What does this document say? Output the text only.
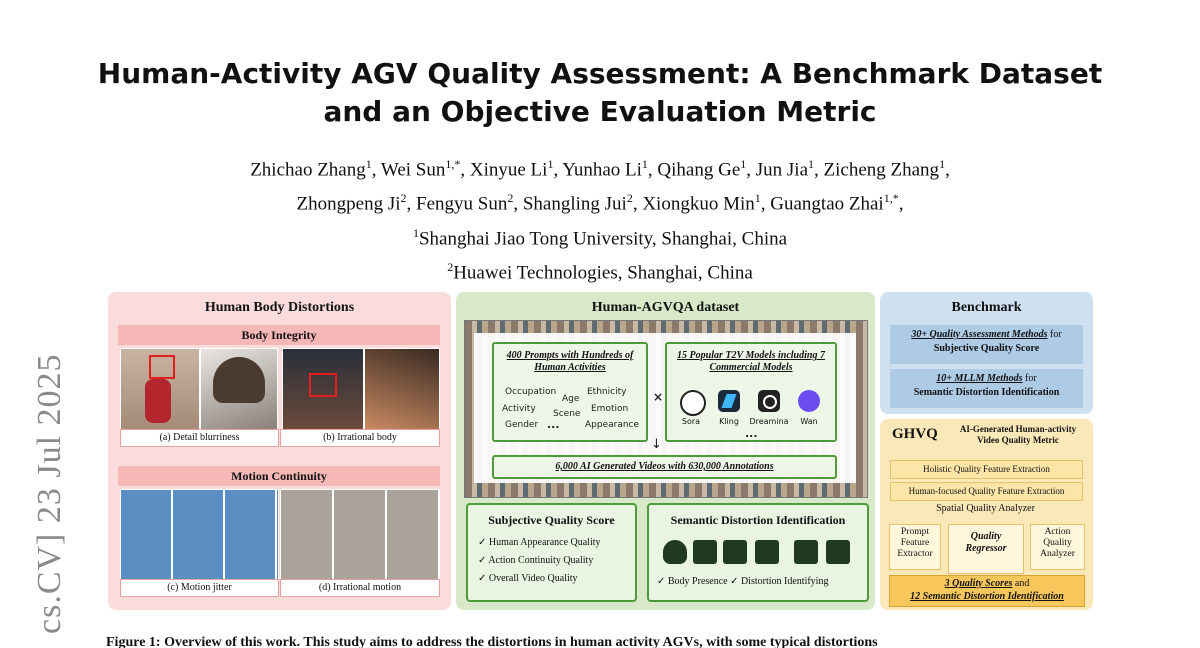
cs.CV] 23 Jul 2025
Human-Activity AGV Quality Assessment: A Benchmark Dataset and an Objective Evaluation Metric
Zhichao Zhang$^1$, Wei Sun$^{1,*}$, Xinyue Li$^1$, Yunhao Li$^1$, Qihang Ge$^1$, Jun Jia$^1$, Zicheng Zhang$^1$,
Zhongpeng Ji$^2$, Fengyu Sun$^2$, Shangling Jui$^2$, Xiongkuo Min$^1$, Guangtao Zhai$^{1,*}$,
$^1$Shanghai Jiao Tong University, Shanghai, China
$^2$Huawei Technologies, Shanghai, China
Human Body Distortions
Body Integrity
(a) Detail blurriness	(b) Irrational body
Motion Continuity
(c) Motion jitter	(d) Irrational motion
Human-AGVQA dataset
400 Prompts with Hundreds of Human Activities
Occupation
Age
Ethnicity
Activity Scene Emotion
Gender ...	Appearance
×
15 Popular T2V Models including 7 Commercial Models
Sora	Kling	Dreamina	Wan
...
↓
6,000 AI Generated Videos with 630,000 Annotations
Subjective Quality Score
✓ Human Appearance Quality
✓ Action Continuity Quality
✓ Overall Video Quality
Semantic Distortion Identification
✓ Body Presence ✓ Distortion Identifying
Benchmark
30+ Quality Assessment Methods for
Subjective Quality Score
10+ MLLM Methods for
Semantic Distortion Identification
GHVQ	AI-Generated Human-activity
Video Quality Metric
Holistic Quality Feature Extraction
Human-focused Quality Feature Extraction
Spatial Quality Analyzer
Prompt
Feature
Extractor
Quality
Regressor
Action
Quality
Analyzer
3 Quality Scores and
12 Semantic Distortion Identification
Figure 1: Overview of this work. This study aims to address the distortions in human activity AGVs, with some typical distortions
